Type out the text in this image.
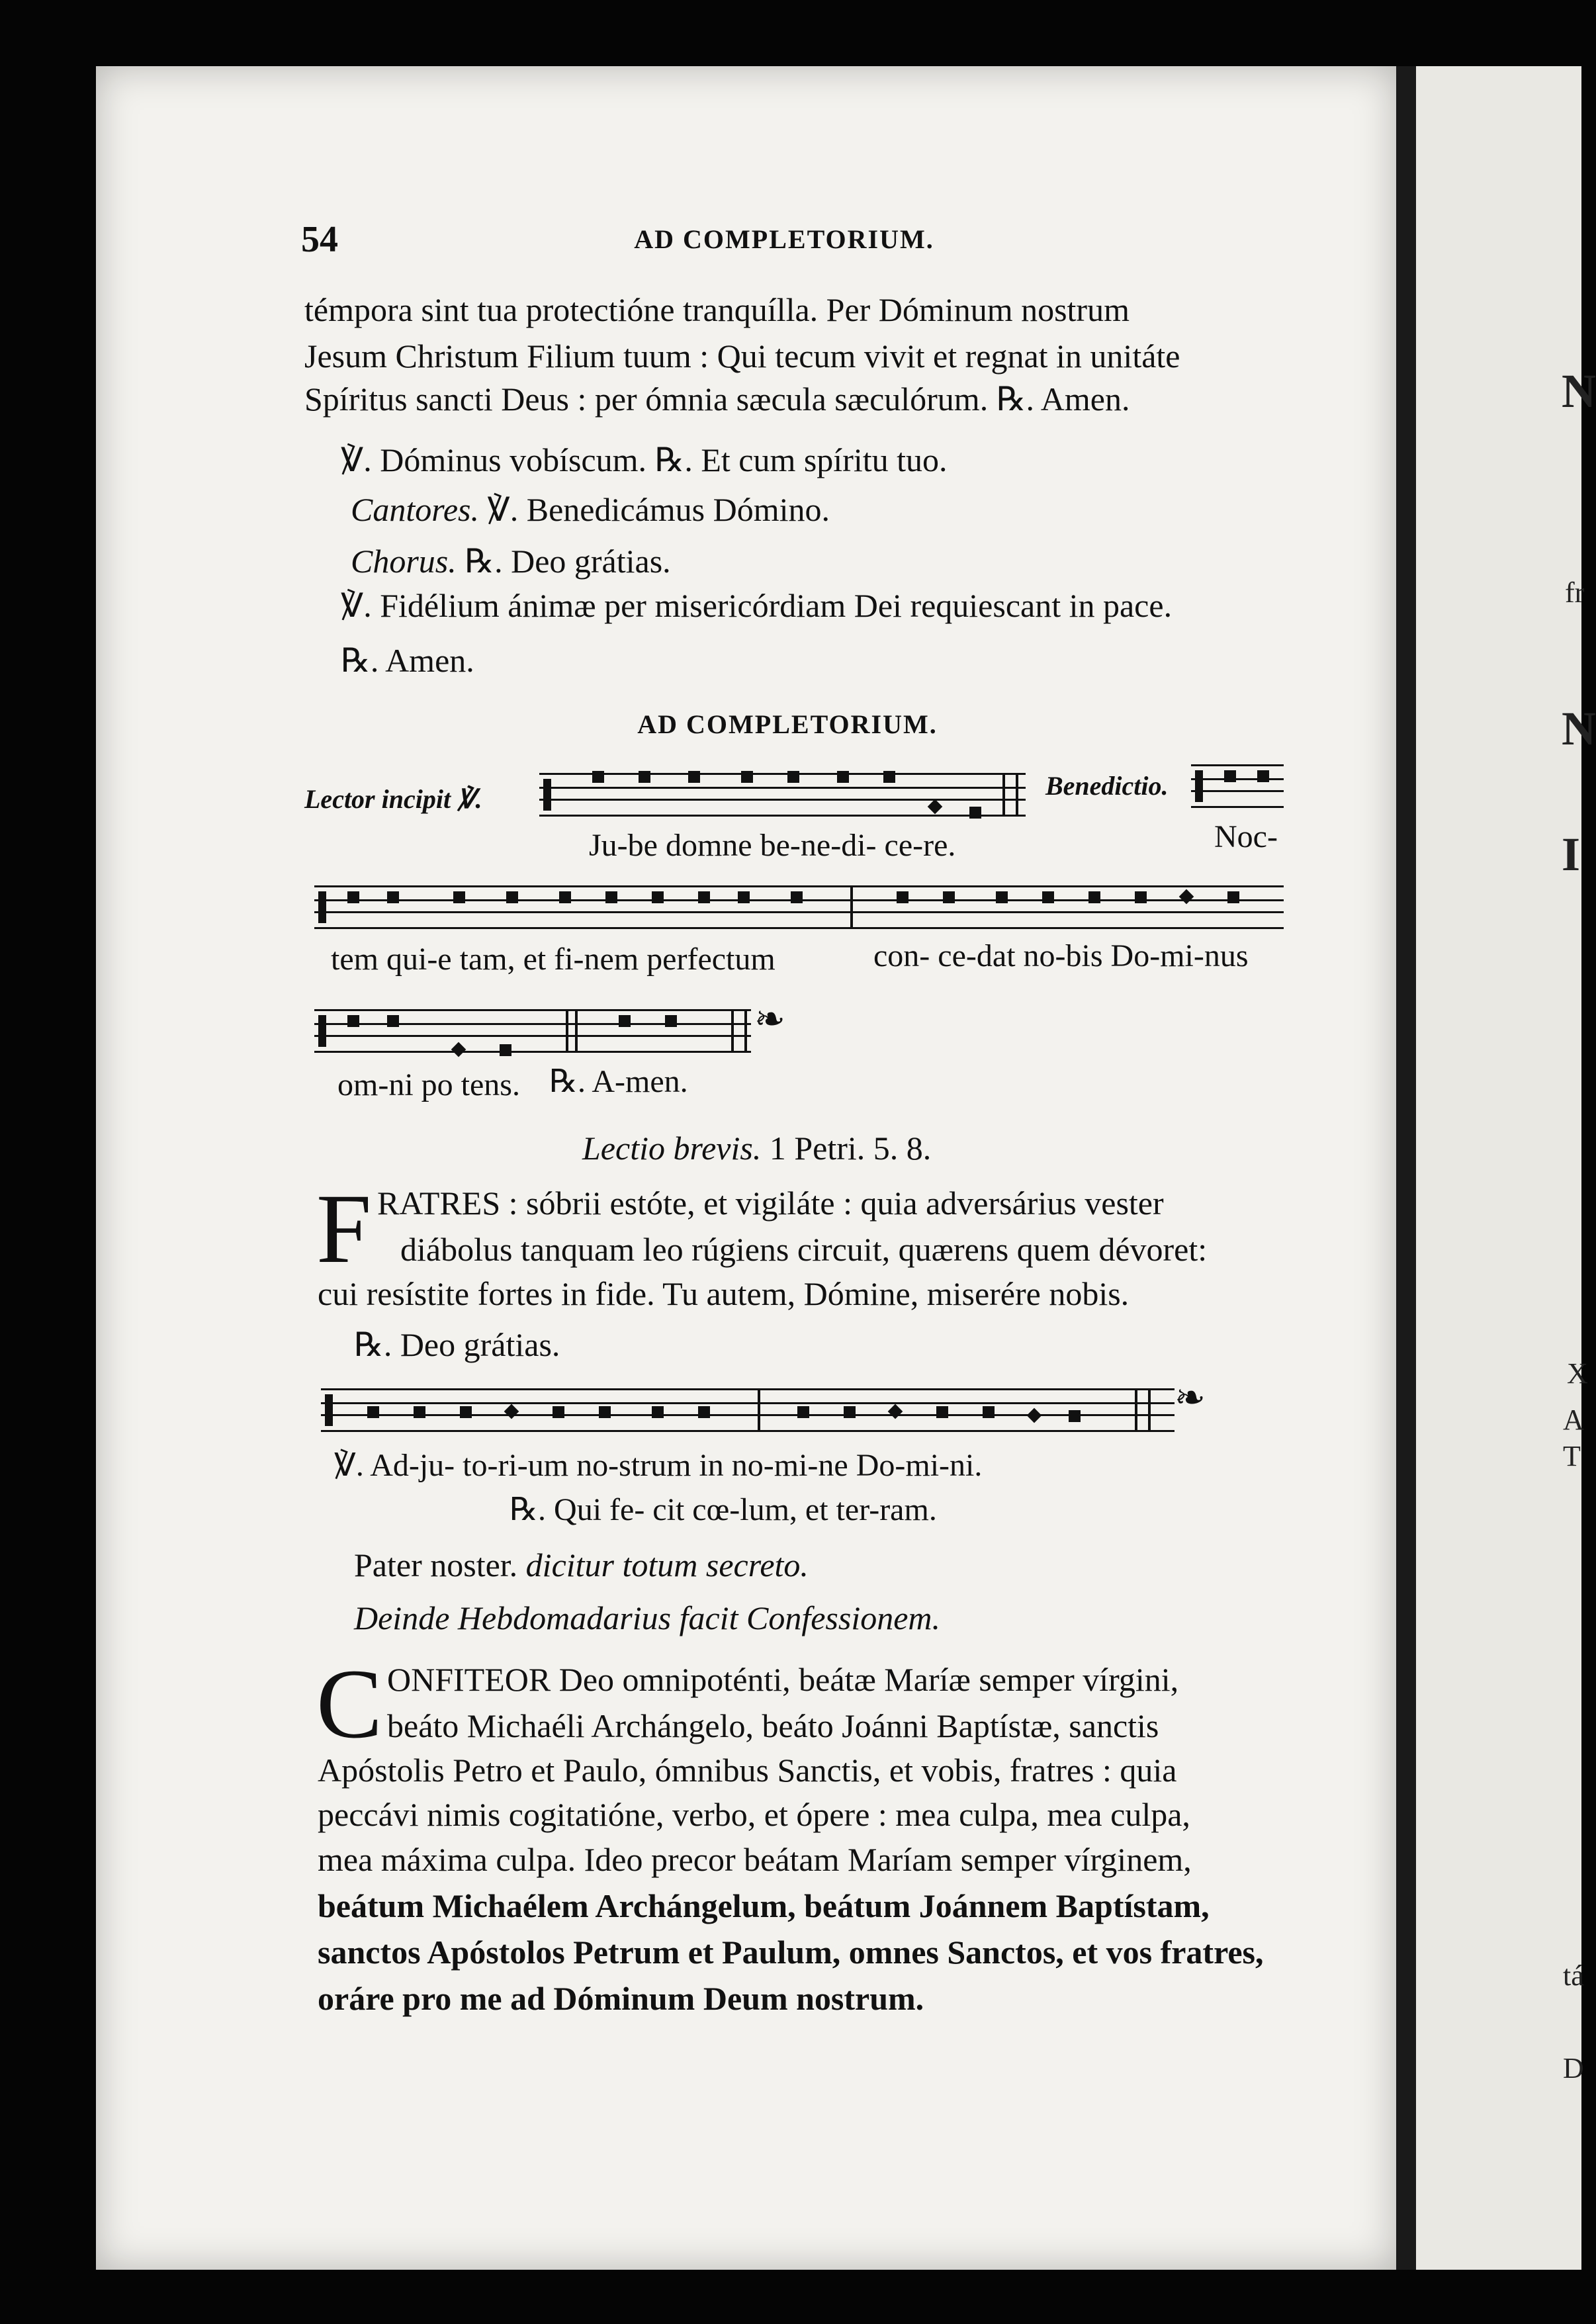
N
fr
N
I
X
A
T
tá
D
54	AD COMPLETORIUM.
témpora sint tua protectióne tranquílla. Per Dóminum nostrum
Jesum Christum Filium tuum : Qui tecum vivit et regnat in unitáte
Spíritus sancti Deus : per ómnia sæcula sæculórum. ℞. Amen.
℣. Dóminus vobíscum. ℞. Et cum spíritu tuo.
Cantores. ℣. Benedicámus Dómino.
Chorus. ℞. Deo grátias.
℣. Fidélium ánimæ per misericórdiam Dei requiescant in pace.
℞. Amen.
AD COMPLETORIUM.
Lector incipit ℣.	Benedictio.
Ju-be domne be-ne-di- ce-re.	Noc-
tem qui-e tam, et fi-nem perfectum	con- ce-dat no-bis Do-mi-nus
❧
om-ni po tens. ℞. A-men.
Lectio brevis. 1 Petri. 5. 8.
F RATRES : sóbrii estóte, et vigiláte : quia adversárius vester
diábolus tanquam leo rúgiens circuit, quærens quem dévoret:
cui resístite fortes in fide. Tu autem, Dómine, miserére nobis.
℞. Deo grátias.
❧
℣. Ad-ju- to-ri-um no-strum in no-mi-ne Do-mi-ni.
℞. Qui fe- cit cœ-lum, et ter-ram.
Pater noster. dicitur totum secreto.
Deinde Hebdomadarius facit Confessionem.
C ONFITEOR Deo omnipoténti, beátæ Maríæ semper vírgini,
beáto Michaéli Archángelo, beáto Joánni Baptístæ, sanctis
Apóstolis Petro et Paulo, ómnibus Sanctis, et vobis, fratres : quia
peccávi nimis cogitatióne, verbo, et ópere : mea culpa, mea culpa,
mea máxima culpa. Ideo precor beátam Maríam semper vírginem,
beátum Michaélem Archángelum, beátum Joánnem Baptístam,
sanctos Apóstolos Petrum et Paulum, omnes Sanctos, et vos fratres,
oráre pro me ad Dóminum Deum nostrum.
